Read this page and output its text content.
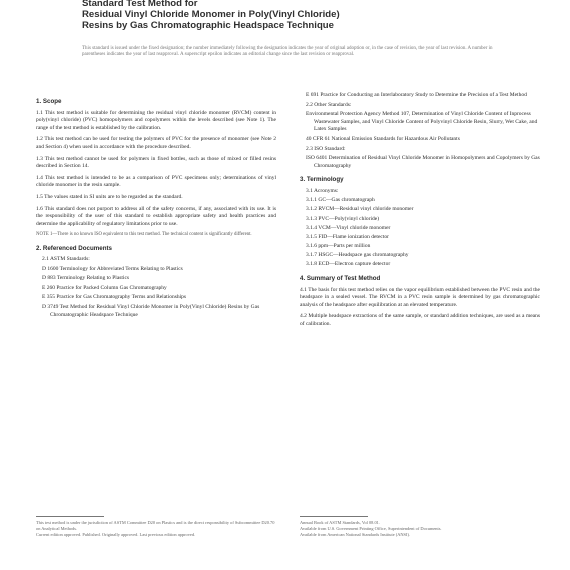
Standard Test Method for
Residual Vinyl Chloride Monomer in Poly(Vinyl Chloride)
Resins by Gas Chromatographic Headspace Technique
This standard is issued under the fixed designation; the number immediately following the designation indicates the year of original adoption or, in the case of revision, the year of last revision. A number in parentheses indicates the year of last reapproval. A superscript epsilon indicates an editorial change since the last revision or reapproval.
1. Scope

1.1 This test method is suitable for determining the residual vinyl chloride monomer (RVCM) content in poly(vinyl chloride) (PVC) homopolymers and copolymers within the levels described (see Note 1). The range of the test method is established by the calibration.

1.2 This test method can be used for testing the polymers of PVC for the presence of monomer (see Note 2 and Section 4) when used in accordance with the procedure described.

1.3 This test method cannot be used for polymers in fixed bottles, such as those of mixed or filled resins described in Section 14.

1.4 This test method is intended to be as a comparison of PVC specimens only; determinations of vinyl chloride monomer in the resin sample.

1.5 The values stated in SI units are to be regarded as the standard.

1.6 This standard does not purport to address all of the safety concerns, if any, associated with its use. It is the responsibility of the user of this standard to establish appropriate safety and health practices and determine the applicability of regulatory limitations prior to use.

NOTE 1—There is no known ISO equivalent to this test method. The technical content is significantly different.

2. Referenced Documents

2.1 ASTM Standards:

D 1600 Terminology for Abbreviated Terms Relating to Plastics

D 883 Terminology Relating to Plastics

E 260 Practice for Packed Column Gas Chromatography

E 355 Practice for Gas Chromatography Terms and Relationships

D 3749 Test Method for Residual Vinyl Chloride Monomer in Poly(Vinyl Chloride) Resins by Gas Chromatographic Headspace Technique

E 691 Practice for Conducting an Interlaboratory Study to Determine the Precision of a Test Method

2.2 Other Standards:

Environmental Protection Agency Method 107, Determination of Vinyl Chloride Content of Inprocess Wastewater Samples, and Vinyl Chloride Content of Polyvinyl Chloride Resin, Slurry, Wet Cake, and Latex Samples

40 CFR 61 National Emission Standards for Hazardous Air Pollutants

2.3 ISO Standard:

ISO 6401 Determination of Residual Vinyl Chloride Monomer in Homopolymers and Copolymers by Gas Chromatography

3. Terminology

3.1 Acronyms:

3.1.1 GC—Gas chromatograph

3.1.2 RVCM—Residual vinyl chloride monomer

3.1.3 PVC—Poly(vinyl chloride)

3.1.4 VCM—Vinyl chloride monomer

3.1.5 FID—Flame ionization detector

3.1.6 ppm—Parts per million

3.1.7 HSGC—Headspace gas chromatography

3.1.8 ECD—Electron capture detector

4. Summary of Test Method

4.1 The basis for this test method relies on the vapor equilibrium established between the PVC resin and the headspace in a sealed vessel. The RVCM in a PVC resin sample is determined by gas chromatographic analysis of the headspace after equilibration at an elevated temperature.

4.2 Multiple headspace extractions of the same sample, or standard addition techniques, are used as a means of calibration.

This test method is under the jurisdiction of ASTM Committee D20 on Plastics and is the direct responsibility of Subcommittee D20.70 on Analytical Methods.
Current edition approved. Published. Originally approved. Last previous edition approved.
Annual Book of ASTM Standards, Vol 08.01.
Available from U.S. Government Printing Office, Superintendent of Documents.
Available from American National Standards Institute (ANSI).
